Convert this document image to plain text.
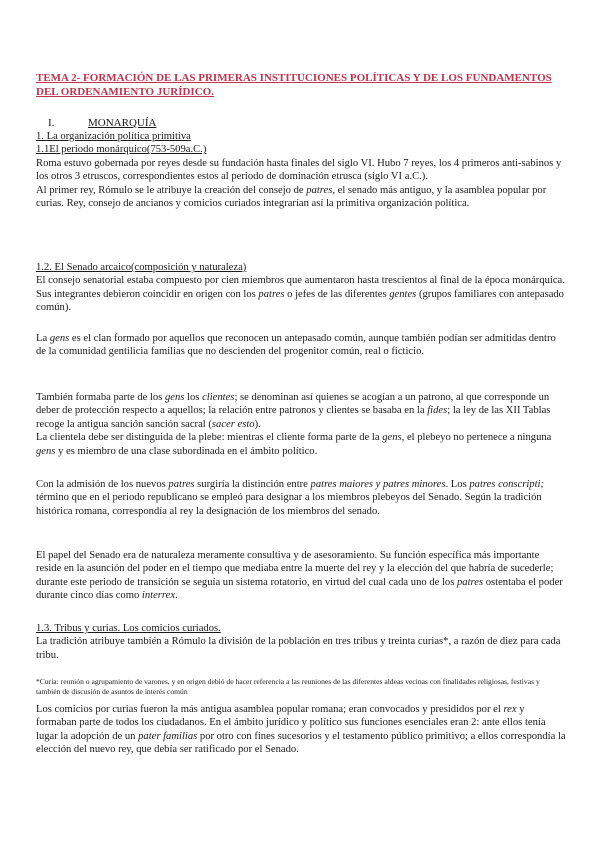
TEMA 2- FORMACIÓN DE LAS PRIMERAS INSTITUCIONES POLÍTICAS Y DE LOS FUNDAMENTOS DEL ORDENAMIENTO JURÍDICO.
I.	MONARQUÍA

1. La organización política primitiva

1.1El periodo monárquico(753-509a.C.)

Roma estuvo gobernada por reyes desde su fundación hasta finales del siglo VI. Hubo 7 reyes, los 4 primeros anti-sabinos y los otros 3 etruscos, correspondientes estos al periodo de dominación etrusca (siglo VI a.C.).

Al primer rey, Rómulo se le atribuye la creación del consejo de patres, el senado más antiguo, y la asamblea popular por curias. Rey, consejo de ancianos y comicios curiados integrarían así la primitiva organización política.

1.2. El Senado arcaico(composición y naturaleza)

El consejo senatorial estaba compuesto por cien miembros que aumentaron hasta trescientos al final de la época monárquica. Sus integrantes debieron coincidir en origen con los patres o jefes de las diferentes gentes (grupos familiares con antepasado común).

La gens es el clan formado por aquellos que reconocen un antepasado común, aunque también podían ser admitidas dentro de la comunidad gentilicia familias que no descienden del progenitor común, real o ficticio.

También formaba parte de los gens los clientes; se denominan así quienes se acogían a un patrono, al que corresponde un deber de protección respecto a aquellos; la relación entre patronos y clientes se basaba en la fides; la ley de las XII Tablas recoge la antigua sanción sanción sacral (sacer esto).

La clientela debe ser distinguida de la plebe: mientras el cliente forma parte de la gens, el plebeyo no pertenece a ninguna gens y es miembro de una clase subordinada en el ámbito político.

Con la admisión de los nuevos patres surgiría la distinción entre patres maiores y patres minores. Los patres conscripti; término que en el periodo republicano se empleó para designar a los miembros plebeyos del Senado. Según la tradición histórica romana, correspondía al rey la designación de los miembros del senado.

El papel del Senado era de naturaleza meramente consultiva y de asesoramiento. Su función específica más importante reside en la asunción del poder en el tiempo que mediaba entre la muerte del rey y la elección del que habría de sucederle; durante este periodo de transición se seguía un sistema rotatorio, en virtud del cual cada uno de los patres ostentaba el poder durante cinco días como interrex.

1.3. Tribus y curias. Los comicios curiados.

La tradición atribuye también a Rómulo la división de la población en tres tribus y treinta curias*, a razón de diez para cada tribu.

*Curia: reunión o agrupamiento de varones, y en origen debió de hacer referencia a las reuniones de las diferentes aldeas vecinas con finalidades religiosas, festivas y también de discusión de asuntos de interés común

Los comicios por curias fueron la más antigua asamblea popular romana; eran convocados y presididos por el rex y formaban parte de todos los ciudadanos. En el ámbito jurídico y político sus funciones esenciales eran 2: ante ellos tenía lugar la adopción de un pater familias por otro con fines sucesorios y el testamento público primitivo; a ellos correspondía la elección del nuevo rey, que debía ser ratificado por el Senado.
